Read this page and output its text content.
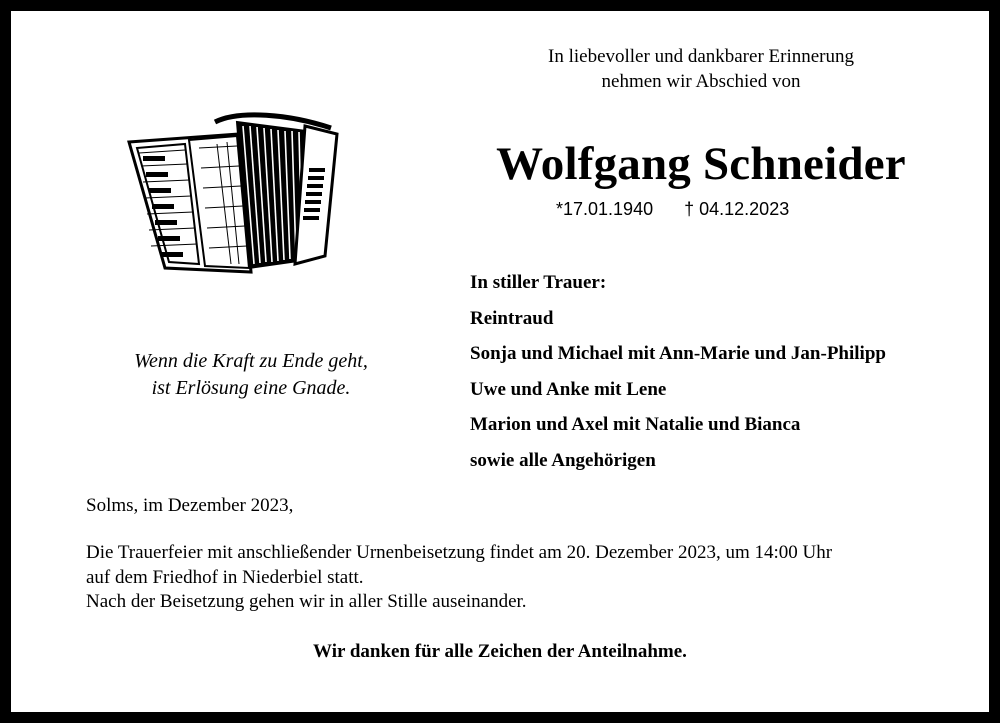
In liebevoller und dankbarer Erinnerung
nehmen wir Abschied von
Wolfgang Schneider
*17.01.1940 † 04.12.2023
Wenn die Kraft zu Ende geht,
ist Erlösung eine Gnade.
In stiller Trauer:
Reintraud
Sonja und Michael mit Ann-Marie und Jan-Philipp
Uwe und Anke mit Lene
Marion und Axel mit Natalie und Bianca
sowie alle Angehörigen
Solms, im Dezember 2023,
Die Trauerfeier mit anschließender Urnenbeisetzung findet am 20. Dezember 2023, um 14:00 Uhr
auf dem Friedhof in Niederbiel statt.
Nach der Beisetzung gehen wir in aller Stille auseinander.
Wir danken für alle Zeichen der Anteilnahme.
